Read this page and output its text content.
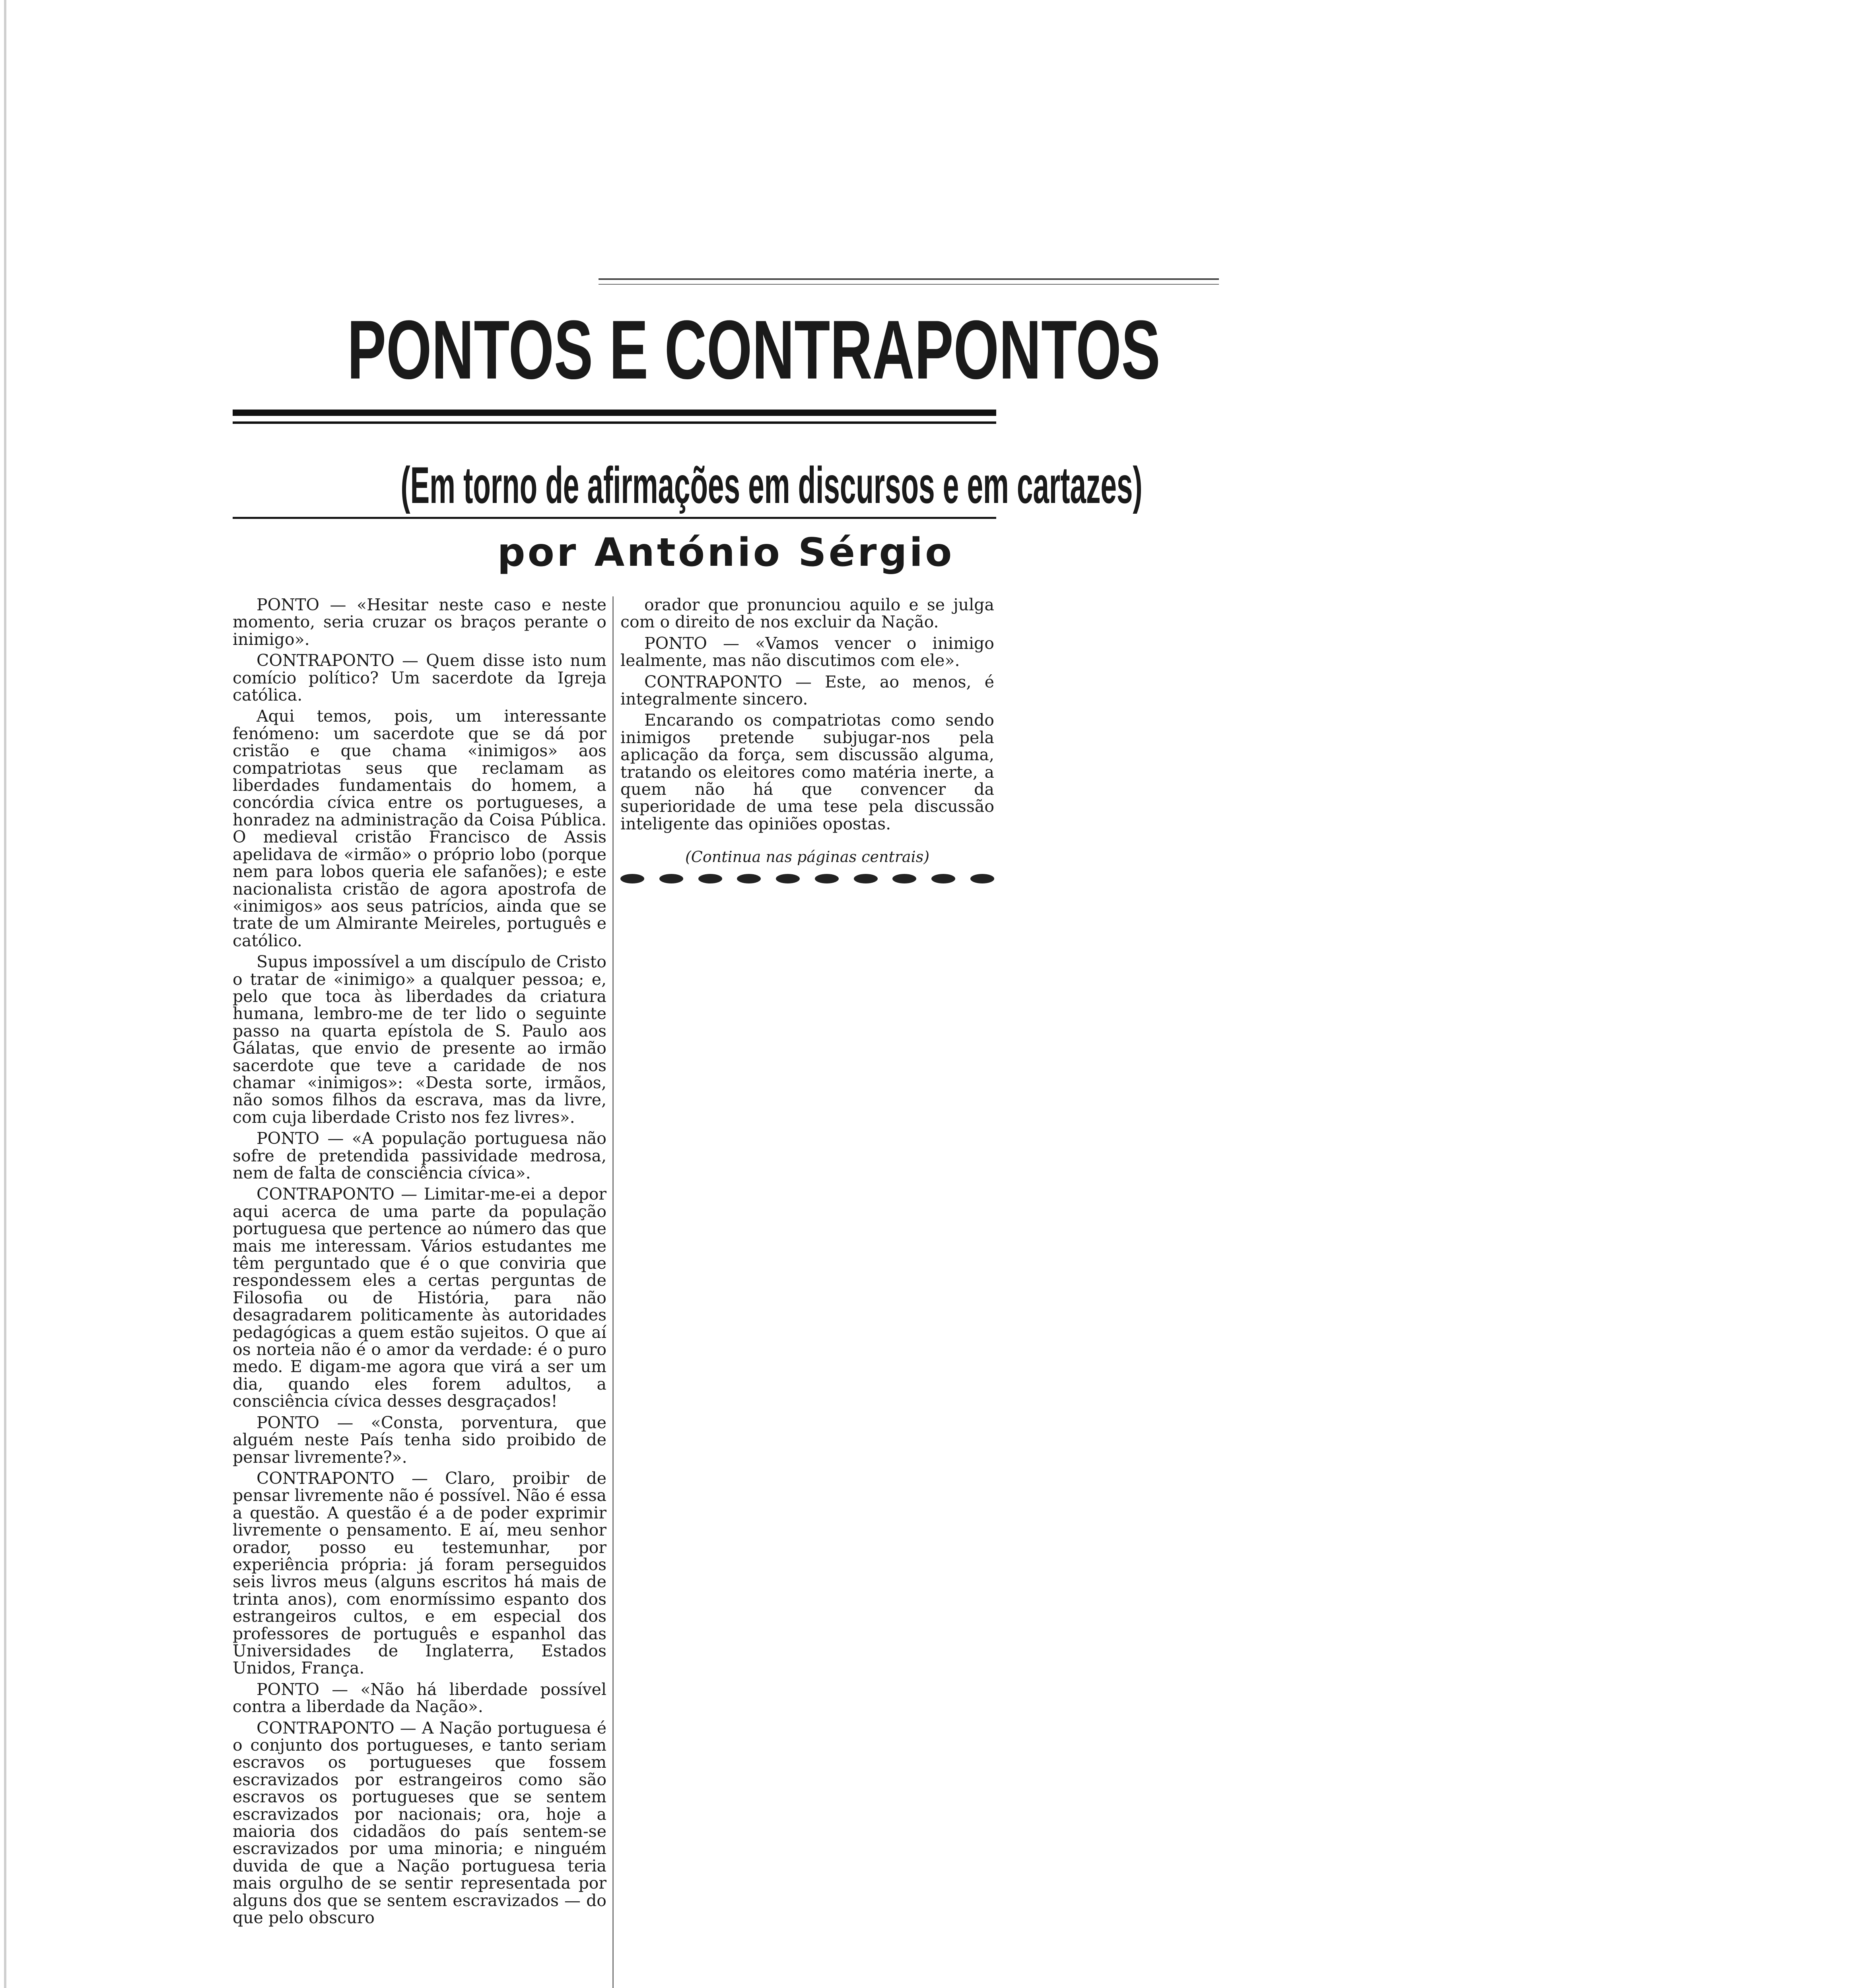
PONTOS E CONTRAPONTOS
(Em torno de afirmações em discursos e em cartazes)
por António Sérgio

PONTO — «Hesitar neste caso e neste momento, seria cruzar os braços perante o inimigo».

CONTRAPONTO — Quem disse isto num comício político? Um sacerdote da Igreja católica.

Aqui temos, pois, um interessante fenómeno: um sacerdote que se dá por cristão e que chama «inimigos» aos compatriotas seus que reclamam as liberdades fundamentais do homem, a concórdia cívica entre os portugueses, a honradez na administração da Coisa Pública. O medieval cristão Francisco de Assis apelidava de «irmão» o próprio lobo (porque nem para lobos queria ele safanões); e este nacionalista cristão de agora apostrofa de «inimigos» aos seus patrícios, ainda que se trate de um Almirante Meireles, português e católico.

Supus impossível a um discípulo de Cristo o tratar de «inimigo» a qualquer pessoa; e, pelo que toca às liberdades da criatura humana, lembro-me de ter lido o seguinte passo na quarta epístola de S. Paulo aos Gálatas, que envio de presente ao irmão sacerdote que teve a caridade de nos chamar «inimigos»: «Desta sorte, irmãos, não somos filhos da escrava, mas da livre, com cuja liberdade Cristo nos fez livres».

PONTO — «A população portuguesa não sofre de pretendida passividade medrosa, nem de falta de consciência cívica».

CONTRAPONTO — Limitar-me-ei a depor aqui acerca de uma parte da população portuguesa que pertence ao número das que mais me interessam. Vários estudantes me têm perguntado que é o que conviria que respondessem eles a certas perguntas de Filosofia ou de História, para não desagradarem politicamente às autoridades pedagógicas a quem estão sujeitos. O que aí os norteia não é o amor da verdade: é o puro medo. E digam-me agora que virá a ser um dia, quando eles forem adultos, a consciência cívica desses desgraçados!

PONTO — «Consta, porventura, que alguém neste País tenha sido proibido de pensar livremente?».

CONTRAPONTO — Claro, proibir de pensar livremente não é possível. Não é essa a questão. A questão é a de poder exprimir livremente o pensamento. E aí, meu senhor orador, posso eu testemunhar, por experiência própria: já foram perseguidos seis livros meus (alguns escritos há mais de trinta anos), com enormíssimo espanto dos estrangeiros cultos, e em especial dos professores de português e espanhol das Universidades de Inglaterra, Estados Unidos, França.

PONTO — «Não há liberdade possível contra a liberdade da Nação».

CONTRAPONTO — A Nação portuguesa é o conjunto dos portugueses, e tanto seriam escravos os portugueses que fossem escravizados por estrangeiros como são escravos os portugueses que se sentem escravizados por nacionais; ora, hoje a maioria dos cidadãos do país sentem-se escravizados por uma minoria; e ninguém duvida de que a Nação portuguesa teria mais orgulho de se sentir representada por alguns dos que se sentem escravizados — do que pelo obscuro

orador que pronunciou aquilo e se julga com o direito de nos excluir da Nação.

PONTO — «Vamos vencer o inimigo lealmente, mas não discutimos com ele».

CONTRAPONTO — Este, ao menos, é integralmente sincero.

Encarando os compatriotas como sendo inimigos pretende subjugar-nos pela aplicação da força, sem discussão alguma, tratando os eleitores como matéria inerte, a quem não há que convencer da superioridade de uma tese pela discussão inteligente das opiniões opostas.

(Continua nas páginas centrais)
